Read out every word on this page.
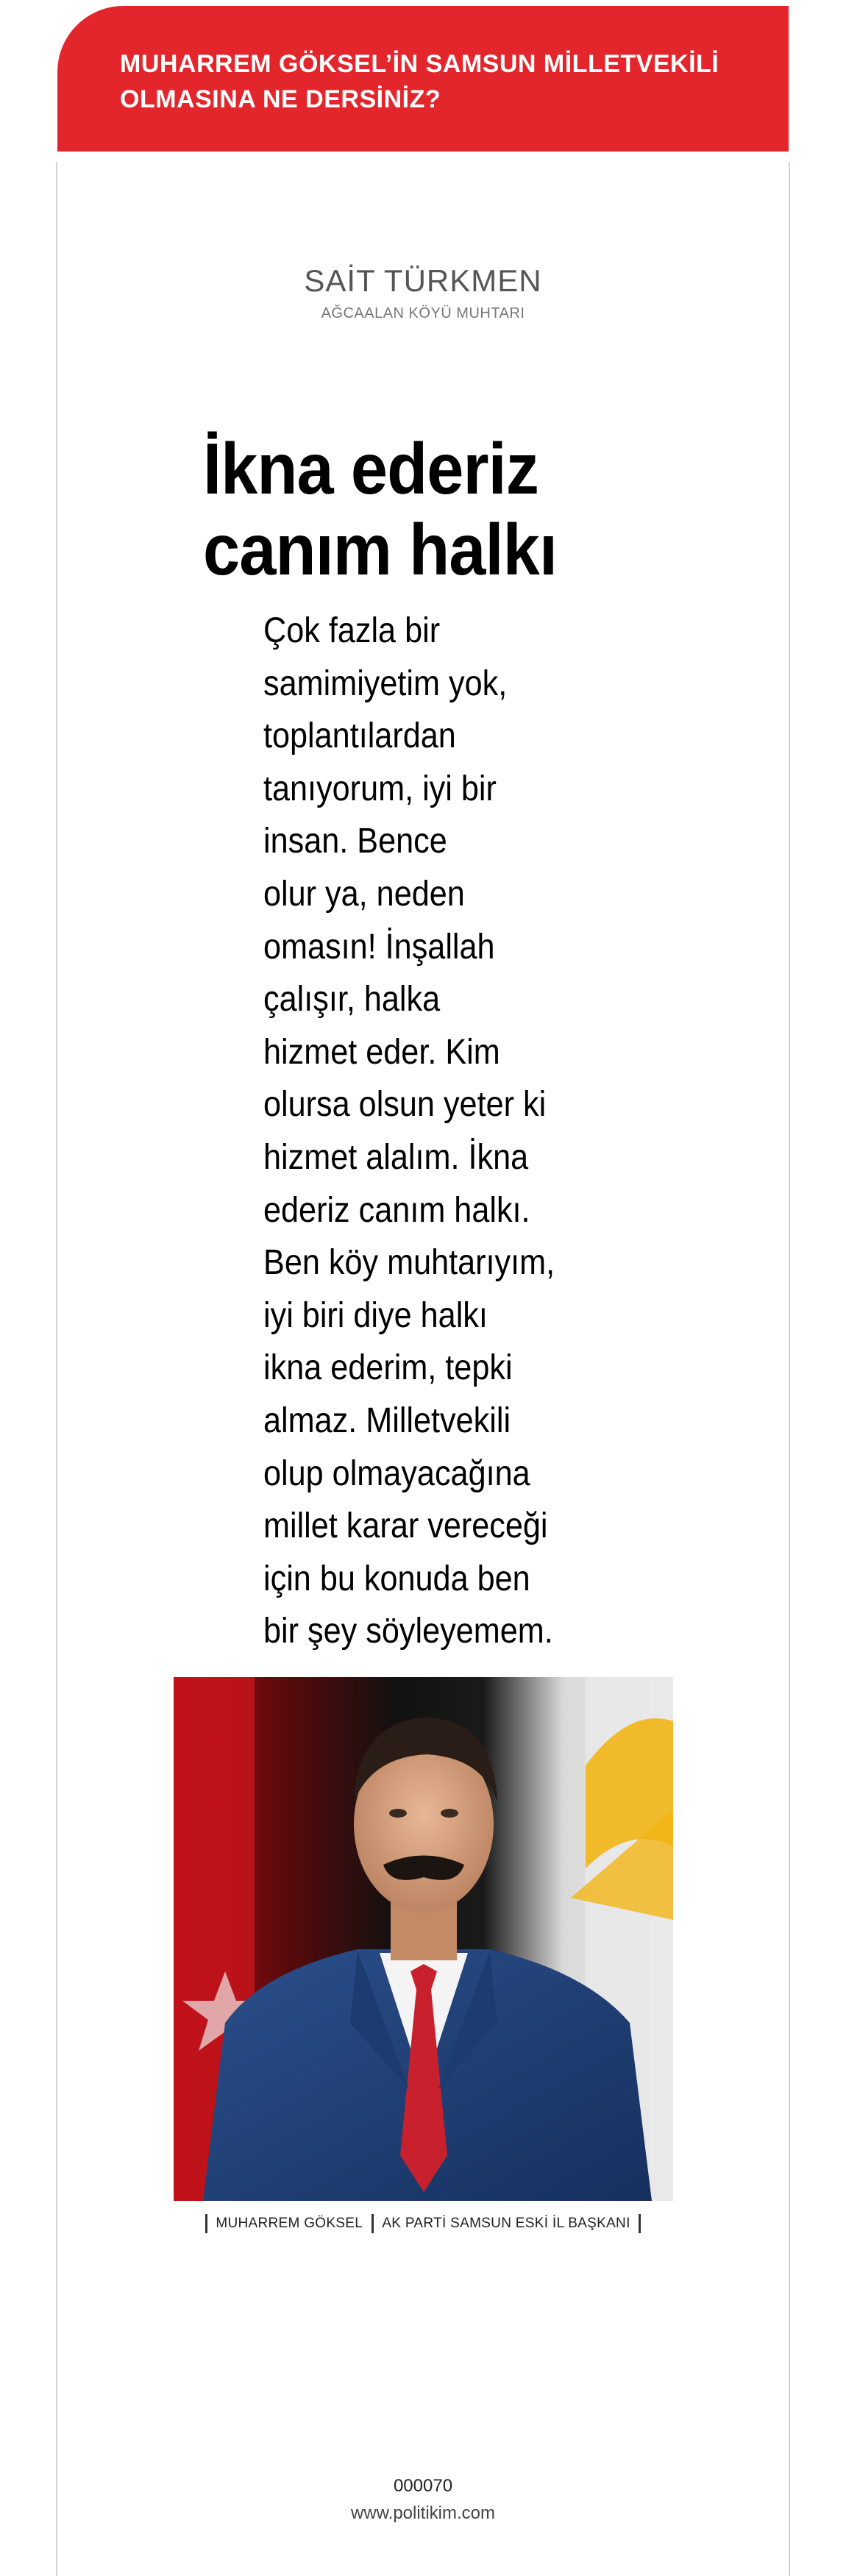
MUHARREM GÖKSEL’İN SAMSUN MİLLETVEKİLİ
OLMASINA NE DERSİNİZ?
SAİT TÜRKMEN
AĞCAALAN KÖYÜ MUHTARI
İkna ederiz
canım halkı
Çok fazla bir
samimiyetim yok,
toplantılardan
tanıyorum, iyi bir
insan. Bence
olur ya, neden
omasın! İnşallah
çalışır, halka
hizmet eder. Kim
olursa olsun yeter ki
hizmet alalım. İkna
ederiz canım halkı.
Ben köy muhtarıyım,
iyi biri diye halkı
ikna ederim, tepki
almaz. Milletvekili
olup olmayacağına
millet karar vereceği
için bu konuda ben
bir şey söyleyemem.
MUHARREM GÖKSEL AK PARTİ SAMSUN ESKİ İL BAŞKANI
000070
www.politikim.com
